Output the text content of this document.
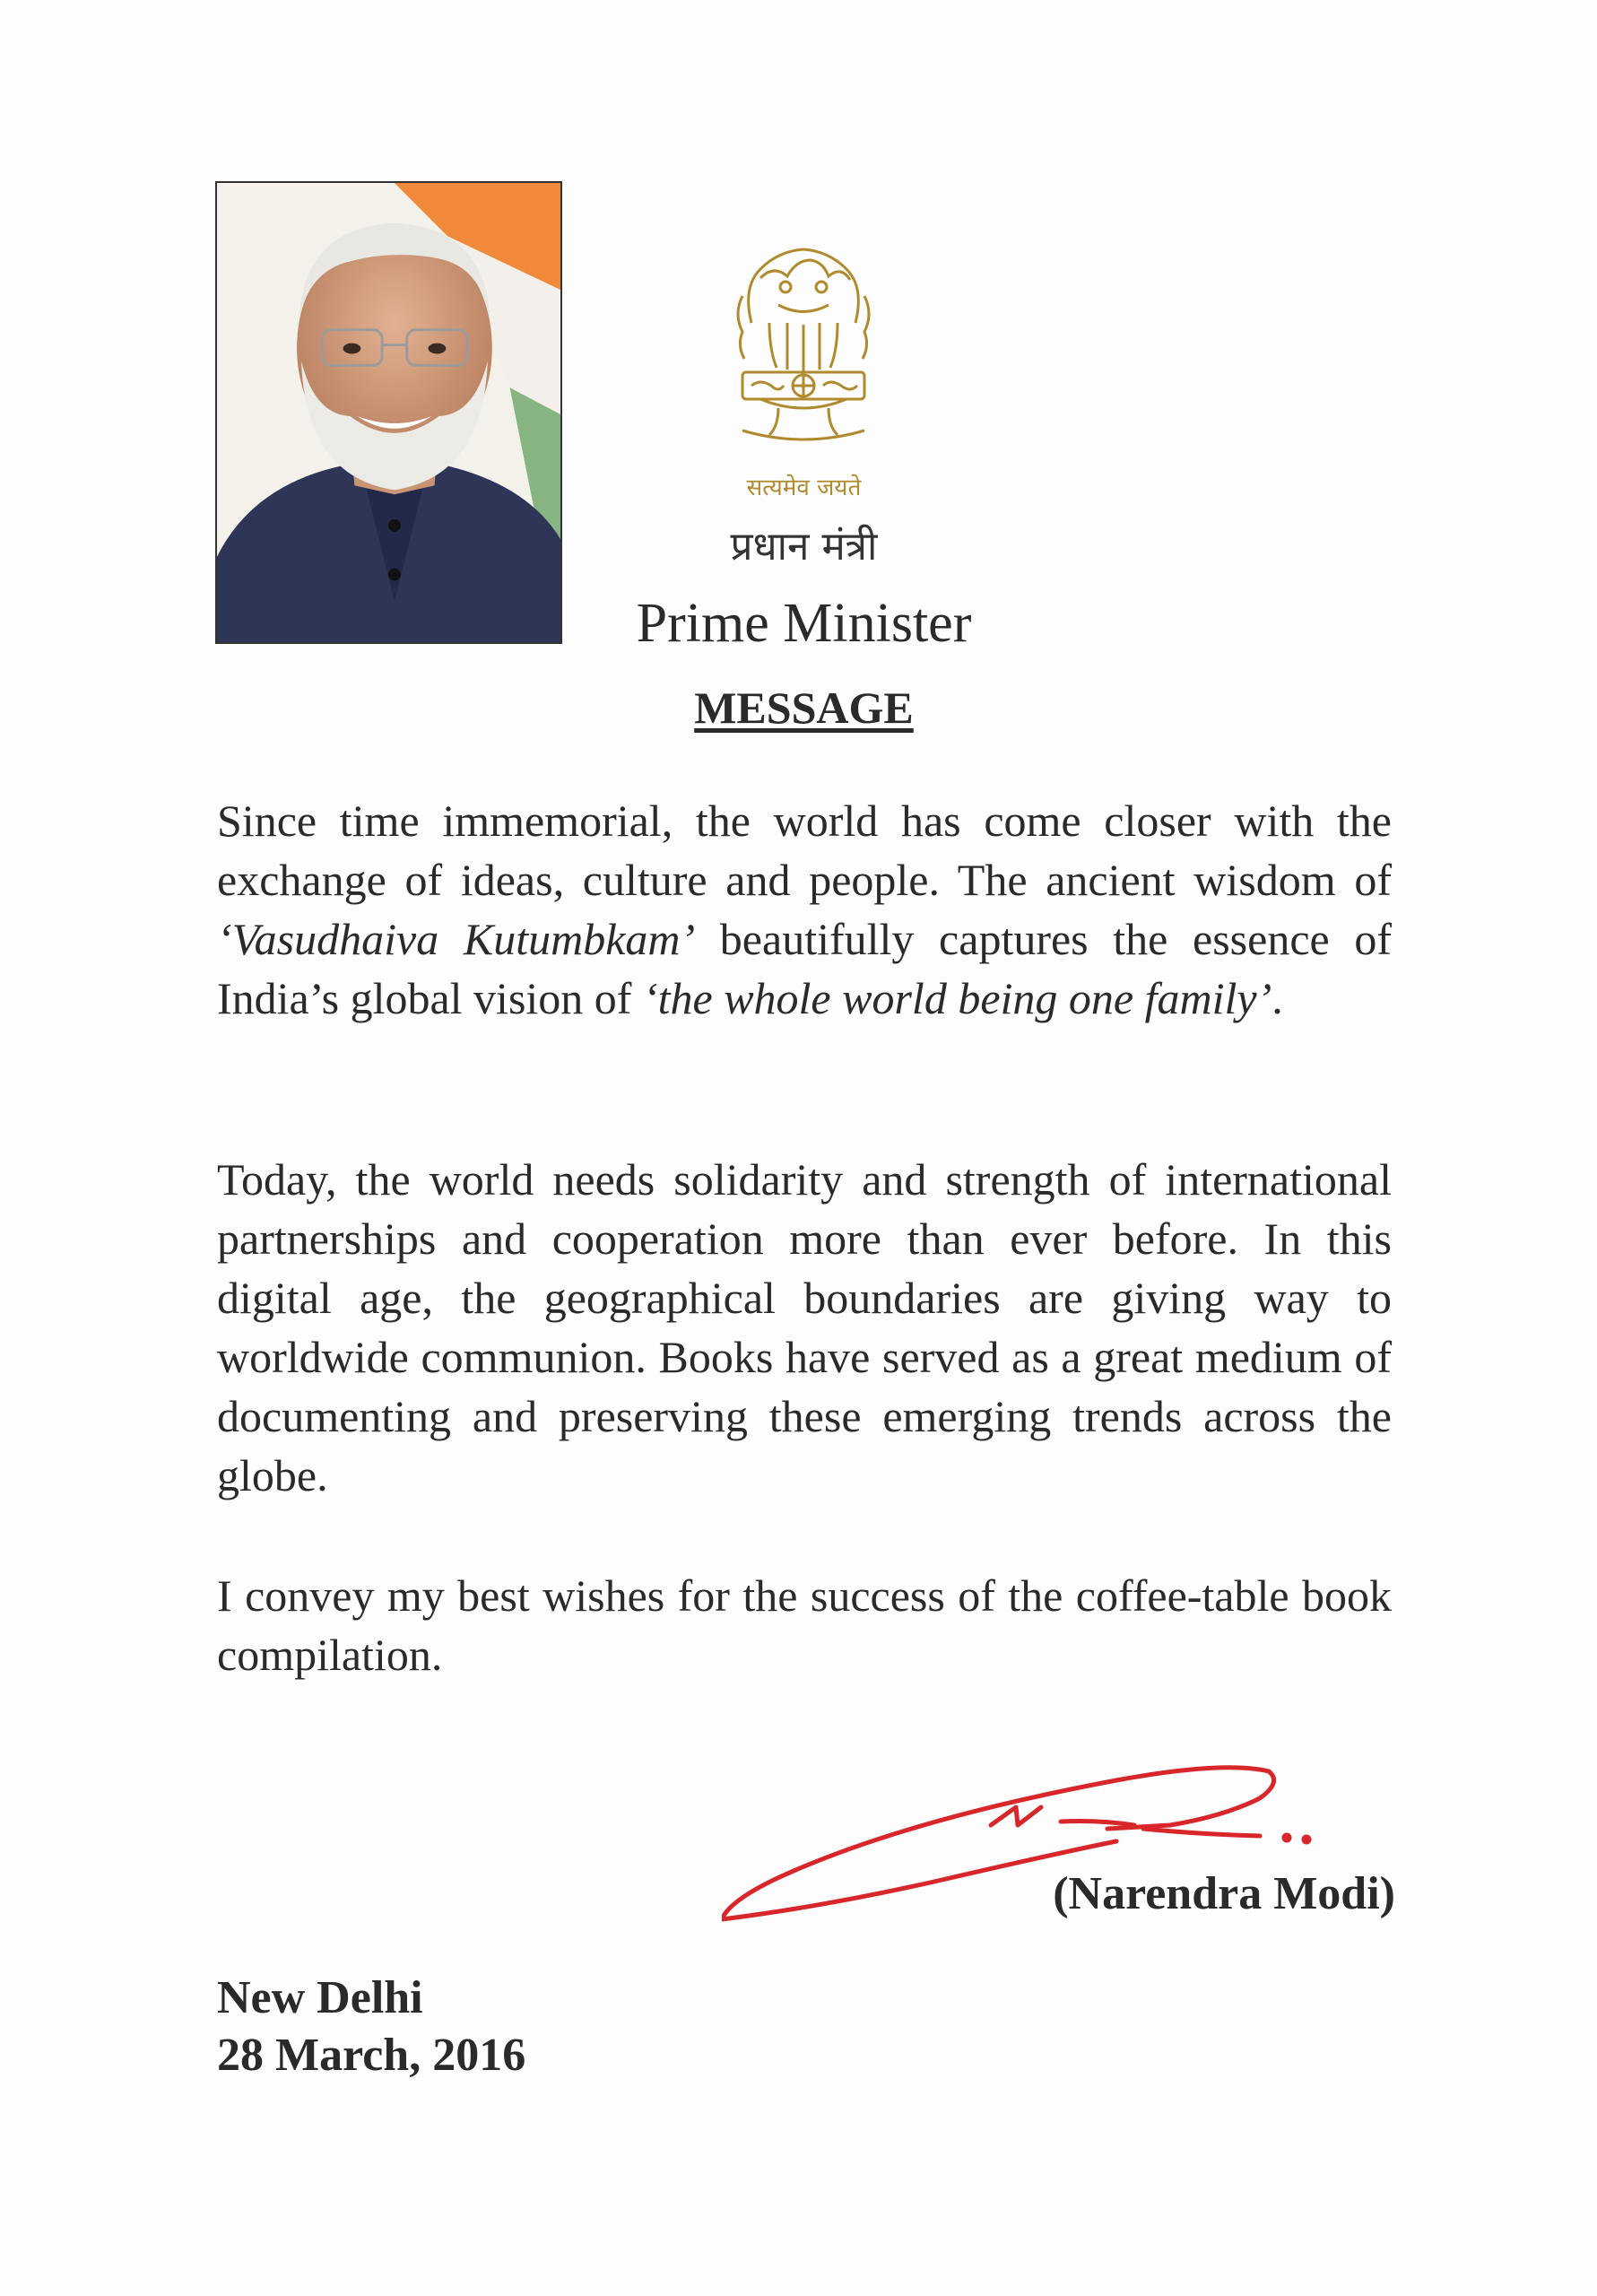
सत्यमेव जयते
प्रधान मंत्री
Prime Minister
MESSAGE
Since time immemorial, the world has come closer with the exchange of ideas, culture and people. The ancient wisdom of ‘Vasudhaiva Kutumbkam’ beautifully captures the essence of India’s global vision of ‘the whole world being one family’.
Today, the world needs solidarity and strength of international partnerships and cooperation more than ever before. In this digital age, the geographical boundaries are giving way to worldwide communion. Books have served as a great medium of documenting and preserving these emerging trends across the globe.
I convey my best wishes for the success of the coffee-table book compilation.
(Narendra Modi)
New Delhi
28 March, 2016
